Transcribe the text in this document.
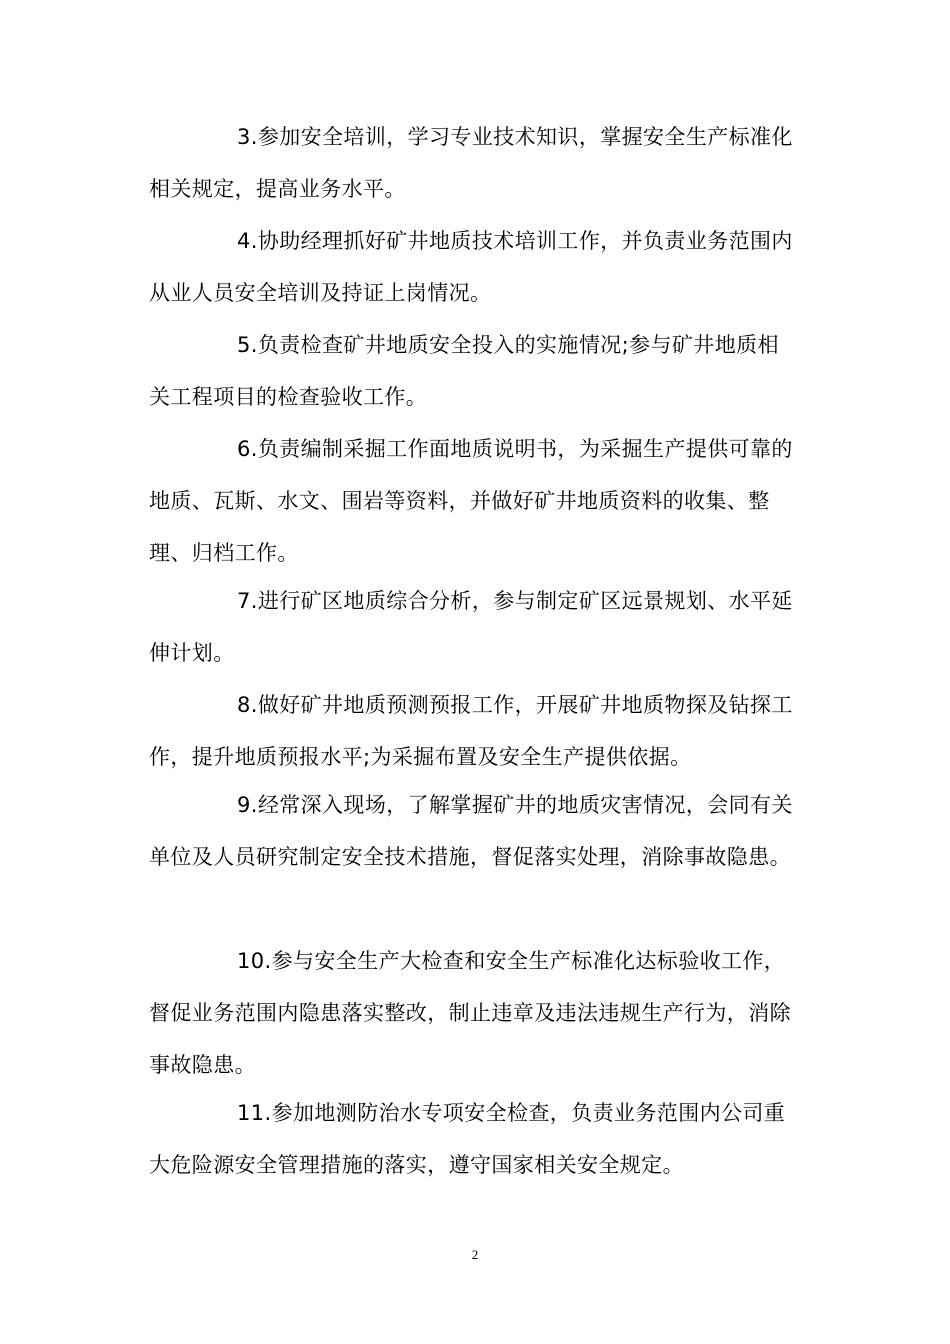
3.参加安全培训，学习专业技术知识，掌握安全生产标准化相关规定，提高业务水平。

4.协助经理抓好矿井地质技术培训工作，并负责业务范围内从业人员安全培训及持证上岗情况。

5.负责检查矿井地质安全投入的实施情况;参与矿井地质相关工程项目的检查验收工作。

6.负责编制采掘工作面地质说明书，为采掘生产提供可靠的地质、瓦斯、水文、围岩等资料，并做好矿井地质资料的收集、整理、归档工作。

7.进行矿区地质综合分析，参与制定矿区远景规划、水平延伸计划。

8.做好矿井地质预测预报工作，开展矿井地质物探及钻探工作，提升地质预报水平;为采掘布置及安全生产提供依据。

9.经常深入现场，了解掌握矿井的地质灾害情况，会同有关单位及人员研究制定安全技术措施，督促落实处理，消除事故隐患。

10.参与安全生产大检查和安全生产标准化达标验收工作，督促业务范围内隐患落实整改，制止违章及违法违规生产行为，消除事故隐患。

11.参加地测防治水专项安全检查，负责业务范围内公司重大危险源安全管理措施的落实，遵守国家相关安全规定。

2
